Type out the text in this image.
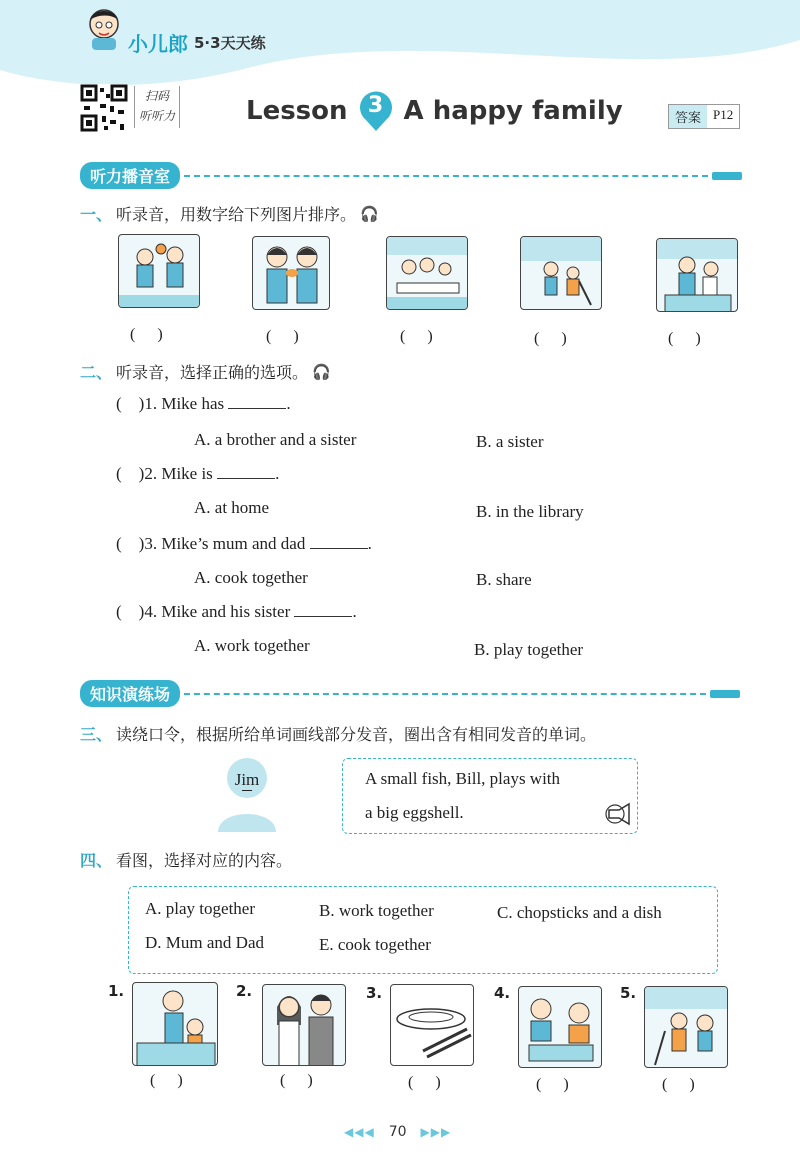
小儿郎 5·3天天练
扫码
听听力	Lesson 3 A happy family	答案 P12
听力播音室
一、 听录音，用数字给下列图片排序。 🎧
()	()	()	()	()
二、 听录音，选择正确的选项。 🎧
(    )1. Mike has	.
A. a brother and a sister	B. a sister
(    )2. Mike is	.
A. at home	B. in the library
(    )3. Mike’s mum and dad	.
A. cook together	B. share
(    )4. Mike and his sister	.
A. work together	B. play together
知识演练场
三、 读绕口令，根据所给单词画线部分发音，圈出含有相同发音的单词。
Jim	A small fish, Bill, plays with
a big eggshell.
四、 看图，选择对应的内容。
A. play together	B. work together	C. chopsticks and a dish
D. Mum and Dad	E. cook together
1.	2.	3.	4.	5.
()	()	()	()	()
◀◀◀ 70 ▶▶▶
